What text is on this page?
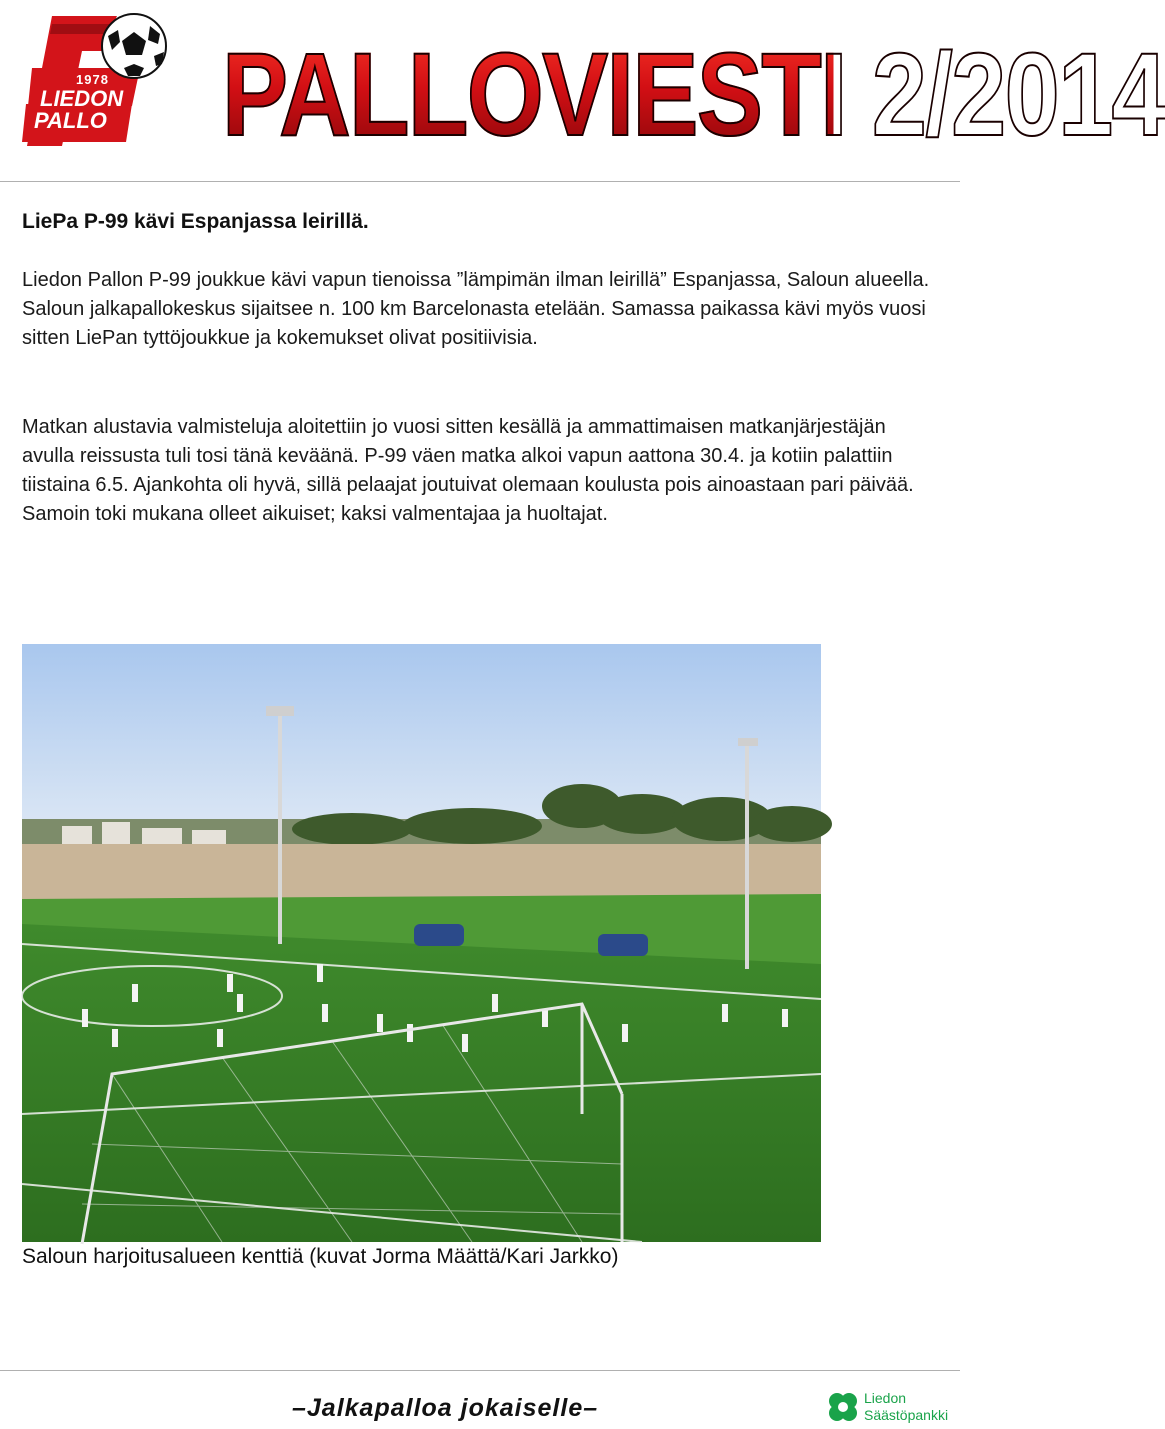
1978
LIEDON
PALLO PALLOVIESTI 2/2014
LiePa P-99 kävi Espanjassa leirillä.
Liedon Pallon P-99 joukkue kävi vapun tienoissa ”lämpimän ilman leirillä” Espanjassa, Saloun alueella. Saloun jalkapallokeskus sijaitsee n. 100 km Barcelonasta etelään. Samassa paikassa kävi myös vuosi sitten LiePan tyttöjoukkue ja kokemukset olivat positiivisia.
Matkan alustavia valmisteluja aloitettiin jo vuosi sitten kesällä ja ammattimaisen matkanjärjestäjän avulla reissusta tuli tosi tänä keväänä. P-99 väen matka alkoi vapun aattona 30.4. ja kotiin palattiin tiistaina 6.5. Ajankohta oli hyvä, sillä pelaajat joutuivat olemaan koulusta pois ainoastaan pari päivää. Samoin toki mukana olleet aikuiset; kaksi valmentajaa ja huoltajat.
Saloun harjoitusalueen kenttiä (kuvat Jorma Määttä/Kari Jarkko)
–Jalkapalloa jokaiselle–	Liedon
Säästöpankki
